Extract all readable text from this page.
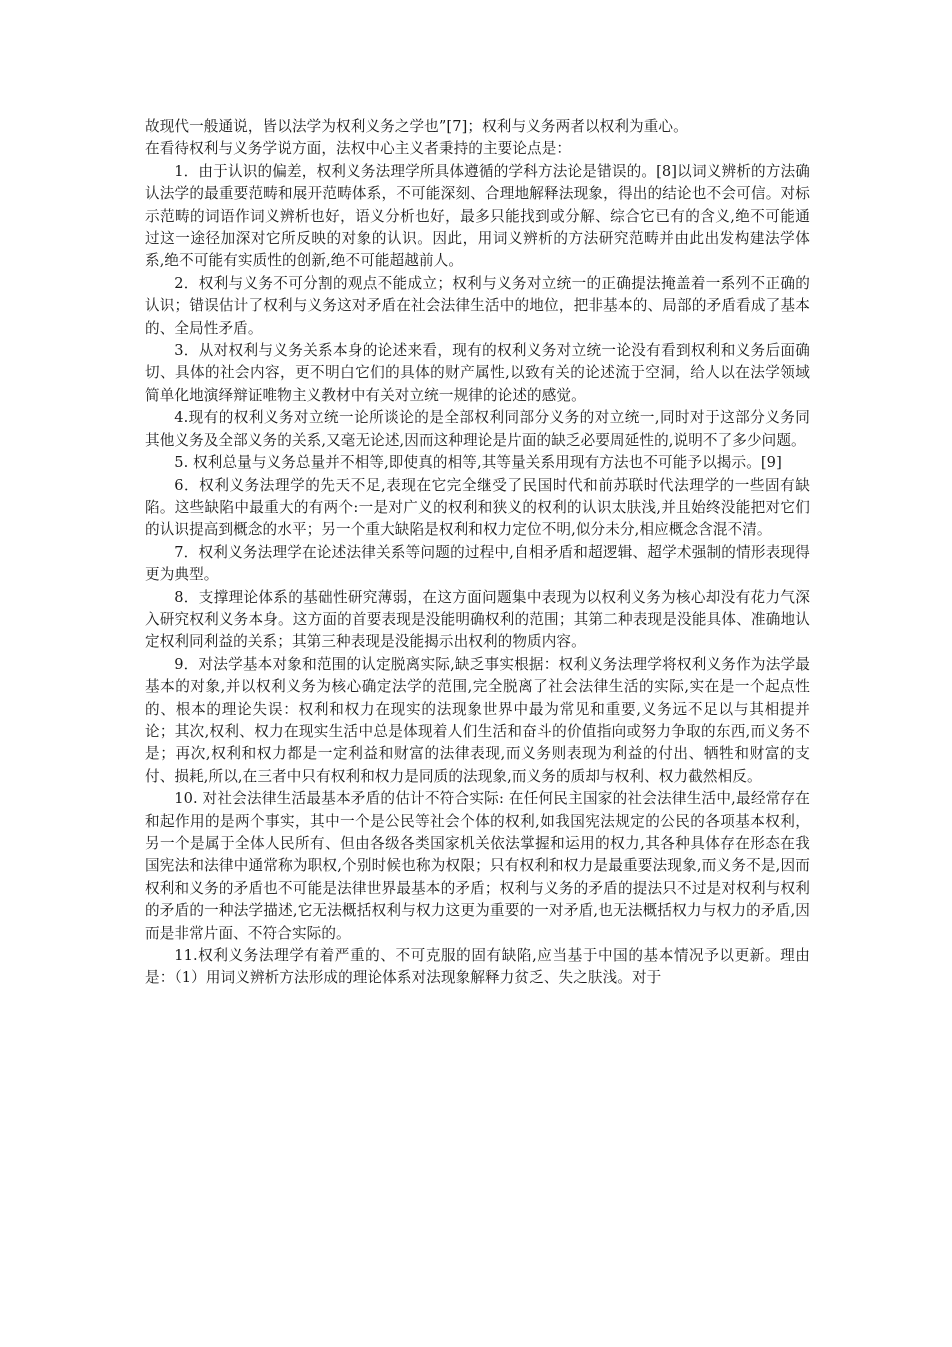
故现代一般通说，皆以法学为权利义务之学也”[7]；权利与义务两者以权利为重心。

在看待权利与义务学说方面，法权中心主义者秉持的主要论点是：

1．由于认识的偏差，权利义务法理学所具体遵循的学科方法论是错误的。[8]以词义辨析的方法确认法学的最重要范畴和展开范畴体系，不可能深刻、合理地解释法现象，得出的结论也不会可信。对标示范畴的词语作词义辨析也好，语义分析也好，最多只能找到或分解、综合它已有的含义,绝不可能通过这一途径加深对它所反映的对象的认识。因此，用词义辨析的方法研究范畴并由此出发构建法学体系,绝不可能有实质性的创新,绝不可能超越前人。

2．权利与义务不可分割的观点不能成立；权利与义务对立统一的正确提法掩盖着一系列不正确的认识；错误估计了权利与义务这对矛盾在社会法律生活中的地位，把非基本的、局部的矛盾看成了基本的、全局性矛盾。

3．从对权利与义务关系本身的论述来看，现有的权利义务对立统一论没有看到权利和义务后面确切、具体的社会内容，更不明白它们的具体的财产属性,以致有关的论述流于空洞，给人以在法学领域简单化地演绎辩证唯物主义教材中有关对立统一规律的论述的感觉。

4.现有的权利义务对立统一论所谈论的是全部权利同部分义务的对立统一,同时对于这部分义务同其他义务及全部义务的关系,又毫无论述,因而这种理论是片面的缺乏必要周延性的,说明不了多少问题。

5. 权利总量与义务总量并不相等,即使真的相等,其等量关系用现有方法也不可能予以揭示。[9]

6．权利义务法理学的先天不足,表现在它完全继受了民国时代和前苏联时代法理学的一些固有缺陷。这些缺陷中最重大的有两个:一是对广义的权利和狭义的权利的认识太肤浅,并且始终没能把对它们的认识提高到概念的水平；另一个重大缺陷是权利和权力定位不明,似分未分,相应概念含混不清。

7．权利义务法理学在论述法律关系等问题的过程中,自相矛盾和超逻辑、超学术强制的情形表现得更为典型。

8．支撑理论体系的基础性研究薄弱，在这方面问题集中表现为以权利义务为核心却没有花力气深入研究权利义务本身。这方面的首要表现是没能明确权利的范围；其第二种表现是没能具体、准确地认定权利同利益的关系；其第三种表现是没能揭示出权利的物质内容。

9．对法学基本对象和范围的认定脱离实际,缺乏事实根据：权利义务法理学将权利义务作为法学最基本的对象,并以权利义务为核心确定法学的范围,完全脱离了社会法律生活的实际,实在是一个起点性的、根本的理论失误：权利和权力在现实的法现象世界中最为常见和重要,义务远不足以与其相提并论；其次,权利、权力在现实生活中总是体现着人们生活和奋斗的价值指向或努力争取的东西,而义务不是；再次,权利和权力都是一定利益和财富的法律表现,而义务则表现为利益的付出、牺牲和财富的支付、损耗,所以,在三者中只有权利和权力是同质的法现象,而义务的质却与权利、权力截然相反。

10. 对社会法律生活最基本矛盾的估计不符合实际: 在任何民主国家的社会法律生活中,最经常存在和起作用的是两个事实，其中一个是公民等社会个体的权利,如我国宪法规定的公民的各项基本权利，另一个是属于全体人民所有、但由各级各类国家机关依法掌握和运用的权力,其各种具体存在形态在我国宪法和法律中通常称为职权,个别时候也称为权限；只有权利和权力是最重要法现象,而义务不是,因而权利和义务的矛盾也不可能是法律世界最基本的矛盾；权利与义务的矛盾的提法只不过是对权利与权利的矛盾的一种法学描述,它无法概括权利与权力这更为重要的一对矛盾,也无法概括权力与权力的矛盾,因而是非常片面、不符合实际的。

11.权利义务法理学有着严重的、不可克服的固有缺陷,应当基于中国的基本情况予以更新。理由是：（1）用词义辨析方法形成的理论体系对法现象解释力贫乏、失之肤浅。对于
